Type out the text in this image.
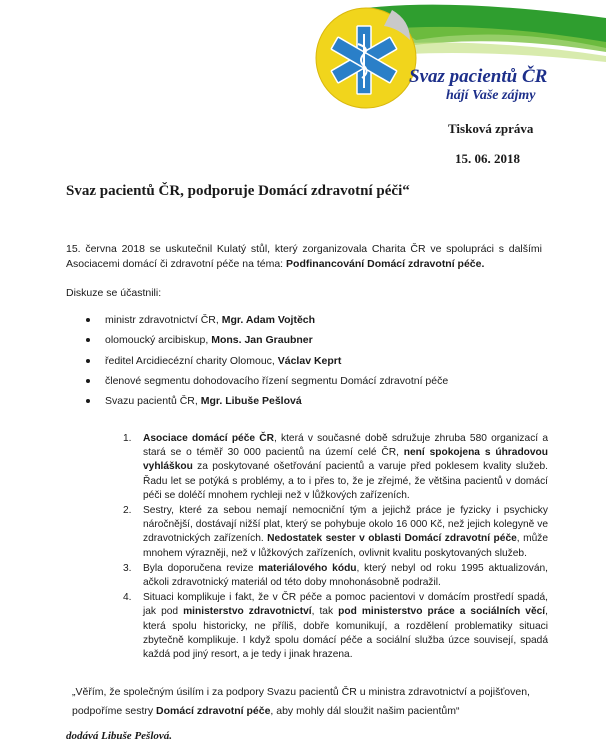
Svaz pacientů ČR
hájí Vaše zájmy
Tisková zpráva
15. 06. 2018
Svaz pacientů ČR, podporuje Domácí zdravotní péči“
15. června 2018 se uskutečnil Kulatý stůl, který zorganizovala Charita ČR ve spolupráci s dalšími Asociacemi domácí či zdravotní péče na téma: Podfinancování Domácí zdravotní péče.
Diskuze se účastnili:
ministr zdravotnictví ČR, Mgr. Adam Vojtěch
olomoucký arcibiskup, Mons. Jan Graubner
ředitel Arcidiecézní charity Olomouc, Václav Keprt
členové segmentu dohodovacího řízení segmentu Domácí zdravotní péče
Svazu pacientů ČR, Mgr. Libuše Pešlová
1. Asociace domácí péče ČR, která v současné době sdružuje zhruba 580 organizací a stará se o téměř 30 000 pacientů na území celé ČR, není spokojena s úhradovou vyhláškou za poskytované ošetřování pacientů a varuje před poklesem kvality služeb. Řadu let se potýká s problémy, a to i přes to, že je zřejmé, že většina pacientů v domácí péči se doléčí mnohem rychleji než v lůžkových zařízeních.
2. Sestry, které za sebou nemají nemocniční tým a jejichž práce je fyzicky i psychicky náročnější, dostávají nižší plat, který se pohybuje okolo 16 000 Kč, než jejich kolegyně ve zdravotnických zařízeních. Nedostatek sester v oblasti Domácí zdravotní péče, může mnohem výrazněji, než v lůžkových zařízeních, ovlivnit kvalitu poskytovaných služeb.
3. Byla doporučena revize materiálového kódu, který nebyl od roku 1995 aktualizován, ačkoli zdravotnický materiál od této doby mnohonásobně podražil.
4. Situaci komplikuje i fakt, že v ČR péče a pomoc pacientovi v domácím prostředí spadá, jak pod ministerstvo zdravotnictví, tak pod ministerstvo práce a sociálních věcí, která spolu historicky, ne příliš, dobře komunikují, a rozdělení problematiky situaci zbytečně komplikuje. I když spolu domácí péče a sociální služba úzce souvisejí, spadá každá pod jiný resort, a je tedy i jinak hrazena.
„Věřím, že společným úsilím i za podpory Svazu pacientů ČR u ministra zdravotnictví a pojišťoven, podpoříme sestry Domácí zdravotní péče, aby mohly dál sloužit našim pacientům“
dodává Libuše Pešlová.
